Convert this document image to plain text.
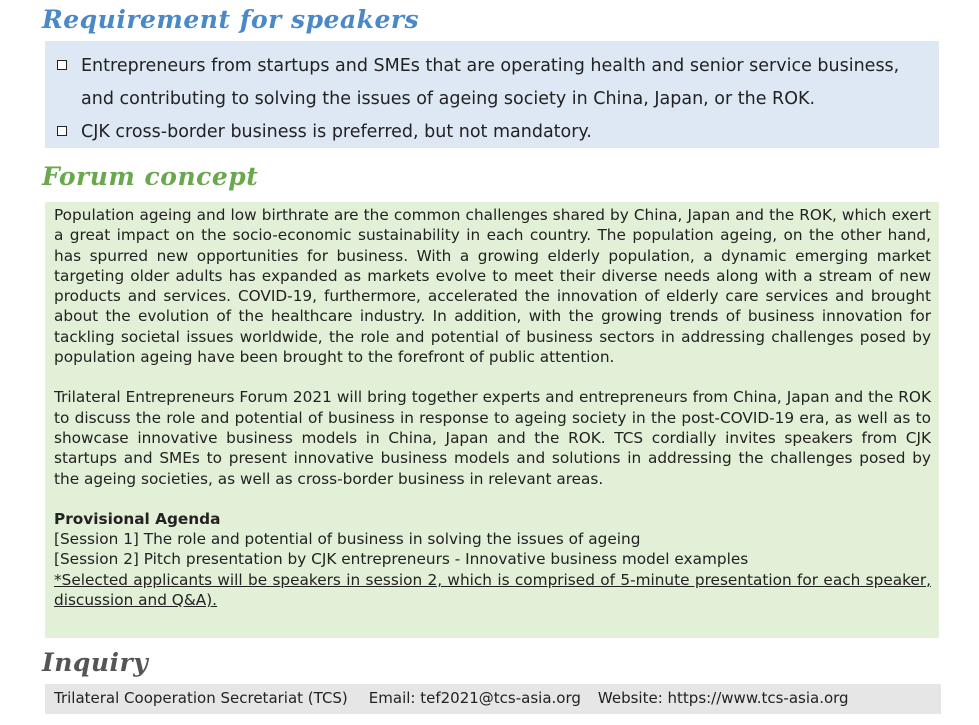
Requirement for speakers
Entrepreneurs from startups and SMEs that are operating health and senior service business, and contributing to solving the issues of ageing society in China, Japan, or the ROK.
CJK cross-border business is preferred, but not mandatory.
Forum concept

Population ageing and low birthrate are the common challenges shared by China, Japan and the ROK, which exert a great impact on the socio-economic sustainability in each country. The population ageing, on the other hand, has spurred new opportunities for business. With a growing elderly population, a dynamic emerging market targeting older adults has expanded as markets evolve to meet their diverse needs along with a stream of new products and services. COVID-19, furthermore, accelerated the innovation of elderly care services and brought about the evolution of the healthcare industry. In addition, with the growing trends of business innovation for tackling societal issues worldwide, the role and potential of business sectors in addressing challenges posed by population ageing have been brought to the forefront of public attention.

Trilateral Entrepreneurs Forum 2021 will bring together experts and entrepreneurs from China, Japan and the ROK to discuss the role and potential of business in response to ageing society in the post-COVID-19 era, as well as to showcase innovative business models in China, Japan and the ROK. TCS cordially invites speakers from CJK startups and SMEs to present innovative business models and solutions in addressing the challenges posed by the ageing societies, as well as cross-border business in relevant areas.

Provisional Agenda
[Session 1] The role and potential of business in solving the issues of ageing
[Session 2] Pitch presentation by CJK entrepreneurs - Innovative business model examples
*Selected applicants will be speakers in session 2, which is comprised of 5-minute presentation for each speaker, discussion and Q&A).
Inquiry
Trilateral Cooperation Secretariat (TCS) Email: tef2021@tcs-asia.org Website: https://www.tcs-asia.org
